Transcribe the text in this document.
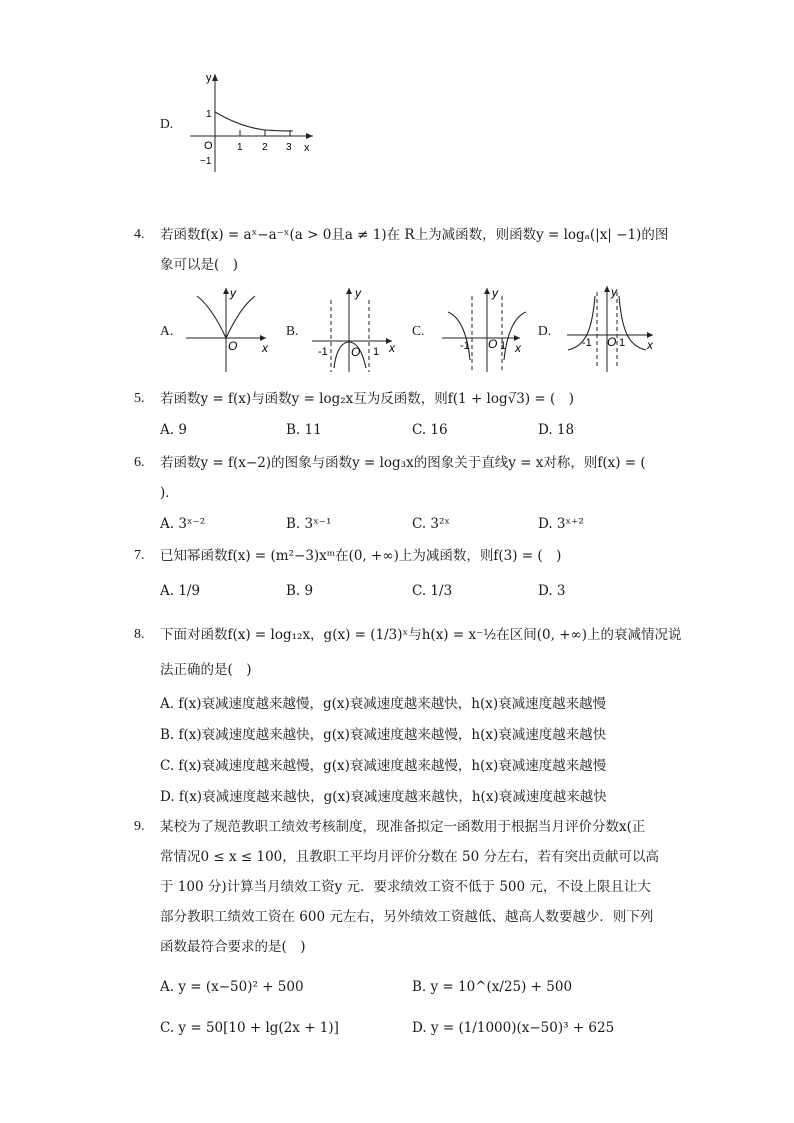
D.
y
x
O 1 2 3
1
−1
4. 若函数f(x) = aˣ−a⁻ˣ(a > 0且a ≠ 1)在 R上为减函数，则函数y = logₐ(|x| −1)的图
象可以是(　)
A.	B.	C.	D.
y
x
O
y
x
O
-1	1
y
x
O
-1	1
y
x
O
-1 1
5. 若函数y = f(x)与函数y = log₂x互为反函数，则f(1 + log√̅3) = (　)
A. 9	B. 11	C. 16	D. 18
6. 若函数y = f(x−2)的图象与函数y = log₃x的图象关于直线y = x对称，则f(x) = (
)．
A. 3ˣ⁻²	B. 3ˣ⁻¹	C. 3²ˣ	D. 3ˣ⁺²
7. 已知幂函数f(x) = (m²−3)xᵐ在(0, +∞)上为减函数，则f(3) = (　)
A. 1/9	B. 9	C. 1/3	D. 3
8. 下面对函数f(x) = log₁₂x，g(x) = (1/3)ˣ与h(x) = x⁻½在区间(0, +∞)上的衰减情况说
法正确的是(　)
A. f(x)衰减速度越来越慢，g(x)衰减速度越来越快，h(x)衰减速度越来越慢
B. f(x)衰减速度越来越快，g(x)衰减速度越来越慢，h(x)衰减速度越来越快
C. f(x)衰减速度越来越慢，g(x)衰减速度越来越慢，h(x)衰减速度越来越慢
D. f(x)衰减速度越来越快，g(x)衰减速度越来越快，h(x)衰减速度越来越快
9. 某校为了规范教职工绩效考核制度，现准备拟定一函数用于根据当月评价分数x(正
常情况0 ≤ x ≤ 100，且教职工平均月评价分数在 50 分左右，若有突出贡献可以高
于 100 分)计算当月绩效工资y 元．要求绩效工资不低于 500 元，不设上限且让大
部分教职工绩效工资在 600 元左右，另外绩效工资越低、越高人数要越少．则下列
函数最符合要求的是(　)
A. y = (x−50)² + 500	B. y = 10^(x/25) + 500
C. y = 50[10 + lg(2x + 1)]	D. y = (1/1000)(x−50)³ + 625
